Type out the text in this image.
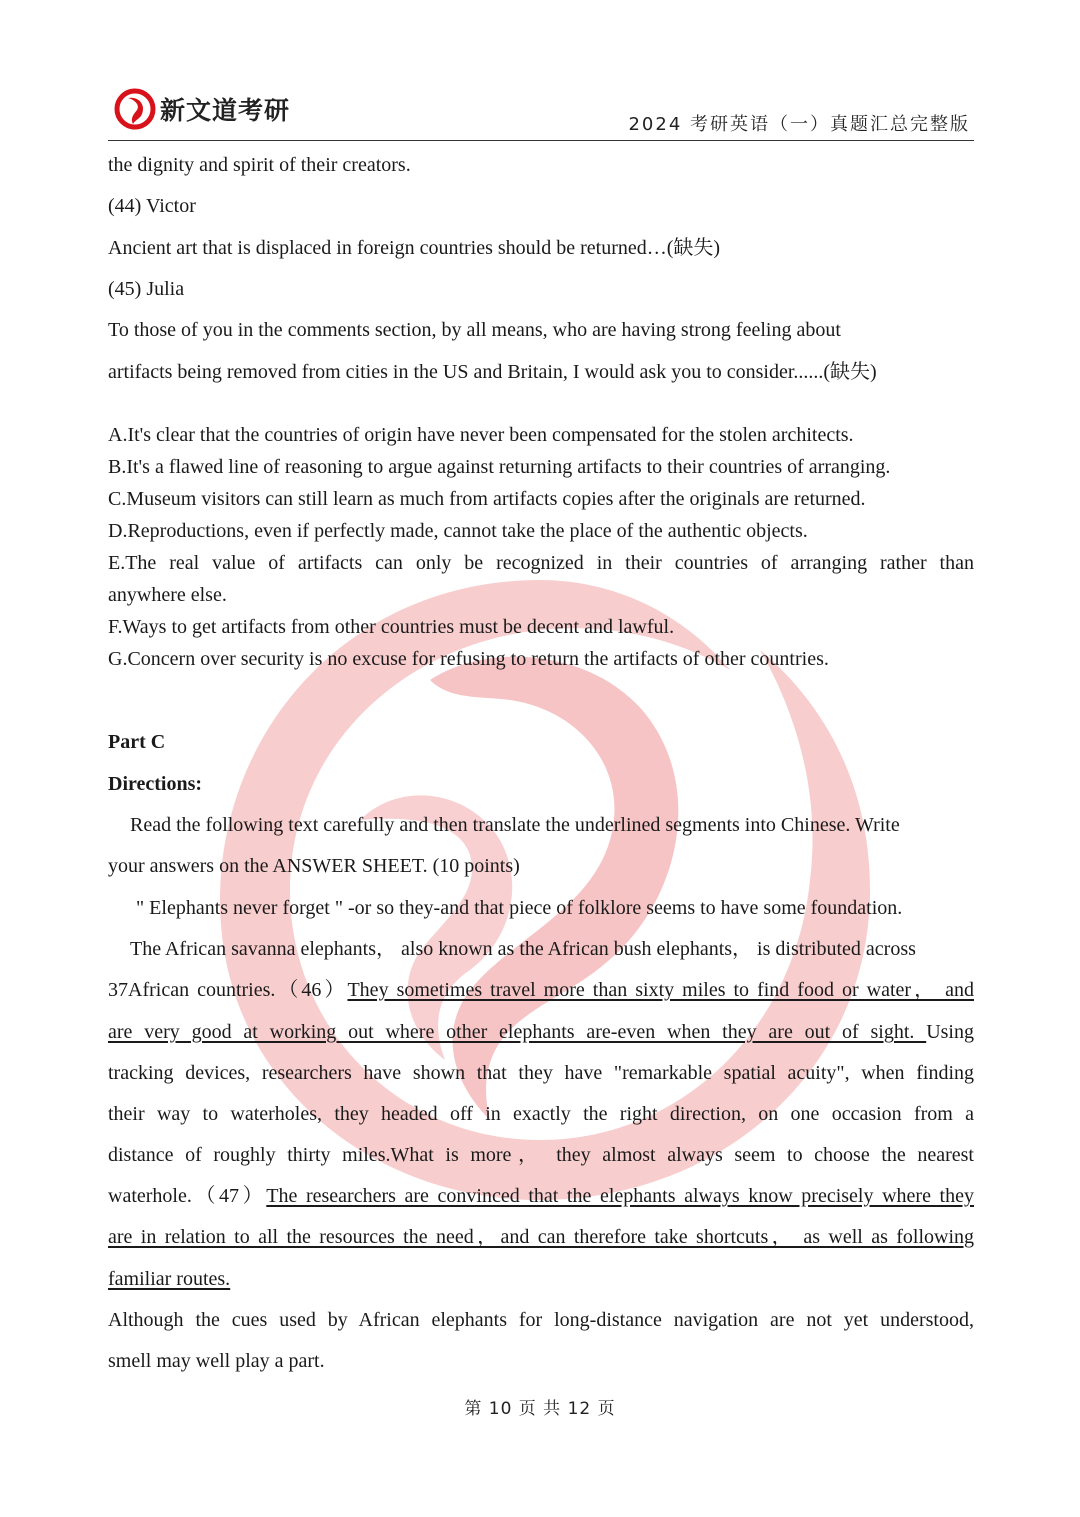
新文道考研	2024 考研英语（一）真题汇总完整版
the dignity and spirit of their creators.
(44) Victor
Ancient art that is displaced in foreign countries should be returned…(缺失)
(45) Julia
To those of you in the comments section, by all means, who are having strong feeling about
artifacts being removed from cities in the US and Britain, I would ask you to consider......(缺失)
A.It's clear that the countries of origin have never been compensated for the stolen architects.
B.It's a flawed line of reasoning to argue against returning artifacts to their countries of arranging.
C.Museum visitors can still learn as much from artifacts copies after the originals are returned.
D.Reproductions, even if perfectly made, cannot take the place of the authentic objects.
E.The real value of artifacts can only be recognized in their countries of arranging rather than
anywhere else.
F.Ways to get artifacts from other countries must be decent and lawful.
G.Concern over security is no excuse for refusing to return the artifacts of other countries.
Part C
Directions:
Read the following text carefully and then translate the underlined segments into Chinese. Write
your answers on the ANSWER SHEET. (10 points)
" Elephants never forget " -or so they-and that piece of folklore seems to have some foundation.
The African savanna elephants， also known as the African bush elephants， is distributed across
37African countries.（46）They sometimes travel more than sixty miles to find food or water， and
are very good at working out where other elephants are-even when they are out of sight. Using
tracking devices, researchers have shown that they have "remarkable spatial acuity", when finding
their way to waterholes, they headed off in exactly the right direction, on one occasion from a
distance of roughly thirty miles.What is more， they almost always seem to choose the nearest
waterhole.（47）The researchers are convinced that the elephants always know precisely where they
are in relation to all the resources the need，and can therefore take shortcuts， as well as following
familiar routes.
Although the cues used by African elephants for long-distance navigation are not yet understood,
smell may well play a part.
第 10 页 共 12 页
